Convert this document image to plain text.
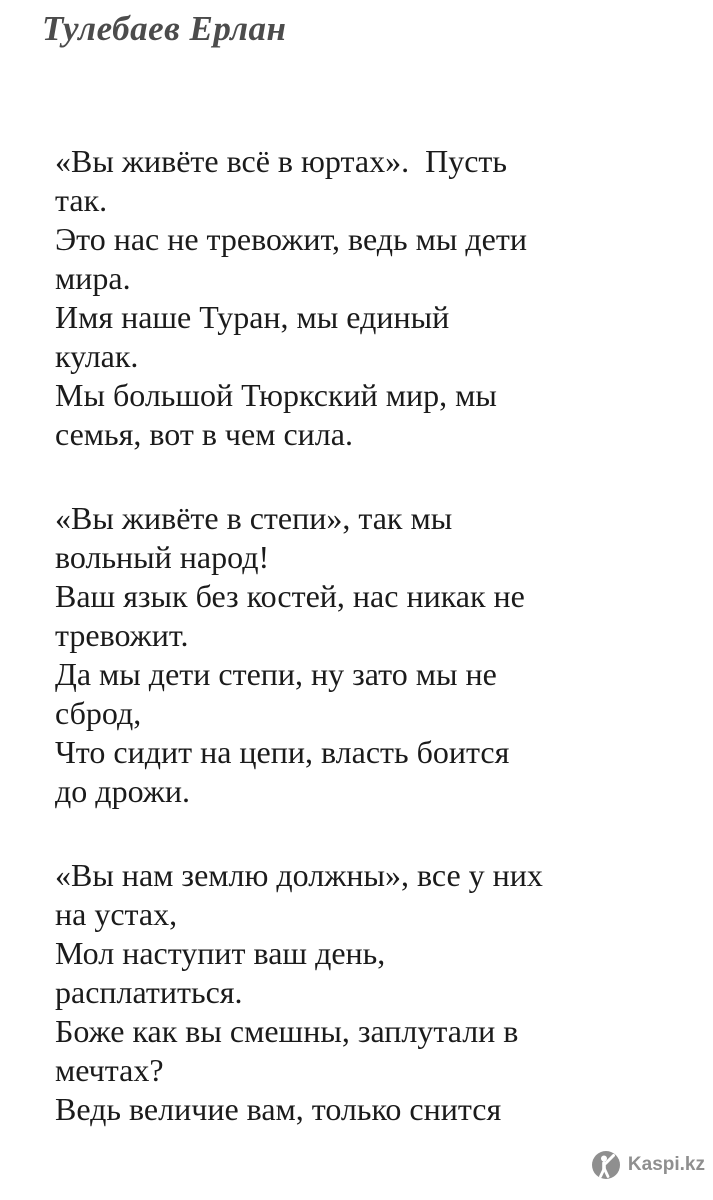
Тулебаев Ерлан
«Вы живёте всё в юртах».  Пусть
так.
Это нас не тревожит, ведь мы дети
мира.
Имя наше Туран, мы единый
кулак.
Мы большой Тюркский мир, мы
семья, вот в чем сила.
«Вы живёте в степи», так мы
вольный народ!
Ваш язык без костей, нас никак не
тревожит.
Да мы дети степи, ну зато мы не
сброд,
Что сидит на цепи, власть боится
до дрожи.
«Вы нам землю должны», все у них
на устах,
Мол наступит ваш день,
расплатиться.
Боже как вы смешны, заплутали в
мечтах?
Ведь величие вам, только снится
Kaspi.kz
